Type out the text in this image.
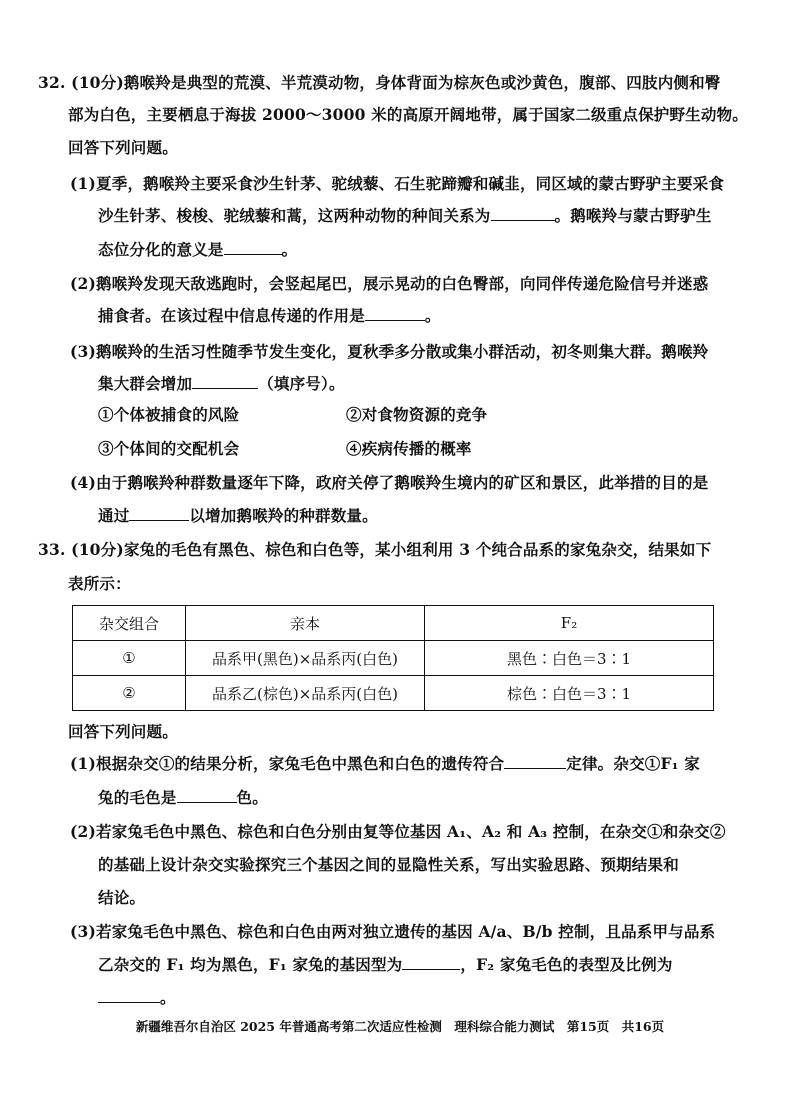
32. (10分)鹅喉羚是典型的荒漠、半荒漠动物，身体背面为棕灰色或沙黄色，腹部、四肢内侧和臀
部为白色，主要栖息于海拔 2000～3000 米的高原开阔地带，属于国家二级重点保护野生动物。
回答下列问题。
(1)夏季，鹅喉羚主要采食沙生针茅、驼绒藜、石生驼蹄瓣和碱韭，同区域的蒙古野驴主要采食
沙生针茅、梭梭、驼绒藜和蒿，这两种动物的种间关系为	。鹅喉羚与蒙古野驴生
态位分化的意义是	。
(2)鹅喉羚发现天敌逃跑时，会竖起尾巴，展示晃动的白色臀部，向同伴传递危险信号并迷惑
捕食者。在该过程中信息传递的作用是	。
(3)鹅喉羚的生活习性随季节发生变化，夏秋季多分散或集小群活动，初冬则集大群。鹅喉羚
集大群会增加	（填序号）。
①个体被捕食的风险	②对食物资源的竞争
③个体间的交配机会	④疾病传播的概率
(4)由于鹅喉羚种群数量逐年下降，政府关停了鹅喉羚生境内的矿区和景区，此举措的目的是
通过	以增加鹅喉羚的种群数量。
33. (10分)家兔的毛色有黑色、棕色和白色等，某小组利用 3 个纯合品系的家兔杂交，结果如下
表所示：
杂交组合	亲本	F₂
①	品系甲(黑色)×品系丙(白色)	黑色∶白色＝3∶1
②	品系乙(棕色)×品系丙(白色)	棕色∶白色＝3∶1
回答下列问题。
(1)根据杂交①的结果分析，家兔毛色中黑色和白色的遗传符合	定律。杂交①F₁ 家
兔的毛色是	色。
(2)若家兔毛色中黑色、棕色和白色分别由复等位基因 A₁、A₂ 和 A₃ 控制，在杂交①和杂交②
的基础上设计杂交实验探究三个基因之间的显隐性关系，写出实验思路、预期结果和
结论。
(3)若家兔毛色中黑色、棕色和白色由两对独立遗传的基因 A/a、B/b 控制，且品系甲与品系
乙杂交的 F₁ 均为黑色，F₁ 家兔的基因型为	，F₂ 家兔毛色的表型及比例为
。
新疆维吾尔自治区 2025 年普通高考第二次适应性检测　理科综合能力测试　第15页　共16页
